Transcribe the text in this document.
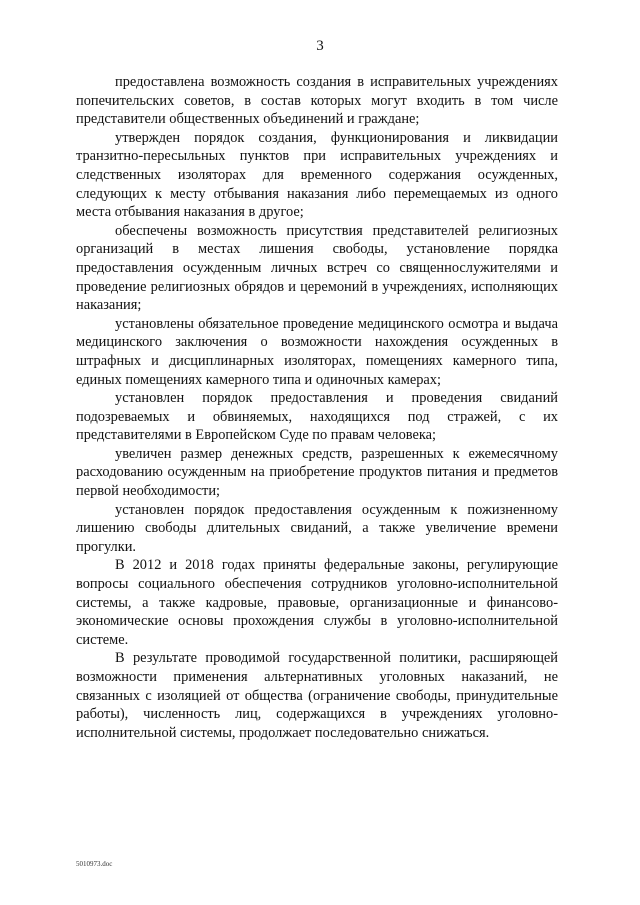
3

предоставлена возможность создания в исправительных учреждениях попечительских советов, в состав которых могут входить в том числе представители общественных объединений и граждане;

утвержден порядок создания, функционирования и ликвидации транзитно-пересыльных пунктов при исправительных учреждениях и следственных изоляторах для временного содержания осужденных, следующих к месту отбывания наказания либо перемещаемых из одного места отбывания наказания в другое;

обеспечены возможность присутствия представителей религиозных организаций в местах лишения свободы, установление порядка предоставления осужденным личных встреч со священнослужителями и проведение религиозных обрядов и церемоний в учреждениях, исполняющих наказания;

установлены обязательное проведение медицинского осмотра и выдача медицинского заключения о возможности нахождения осужденных в штрафных и дисциплинарных изоляторах, помещениях камерного типа, единых помещениях камерного типа и одиночных камерах;

установлен порядок предоставления и проведения свиданий подозреваемых и обвиняемых, находящихся под стражей, с их представителями в Европейском Суде по правам человека;

увеличен размер денежных средств, разрешенных к ежемесячному расходованию осужденным на приобретение продуктов питания и предметов первой необходимости;

установлен порядок предоставления осужденным к пожизненному лишению свободы длительных свиданий, а также увеличение времени прогулки.

В 2012 и 2018 годах приняты федеральные законы, регулирующие вопросы социального обеспечения сотрудников уголовно-исполнительной системы, а также кадровые, правовые, организационные и финансово-экономические основы прохождения службы в уголовно-исполнительной системе.

В результате проводимой государственной политики, расширяющей возможности применения альтернативных уголовных наказаний, не связанных с изоляцией от общества (ограничение свободы, принудительные работы), численность лиц, содержащихся в учреждениях уголовно-исполнительной системы, продолжает последовательно снижаться.

5010973.doc
